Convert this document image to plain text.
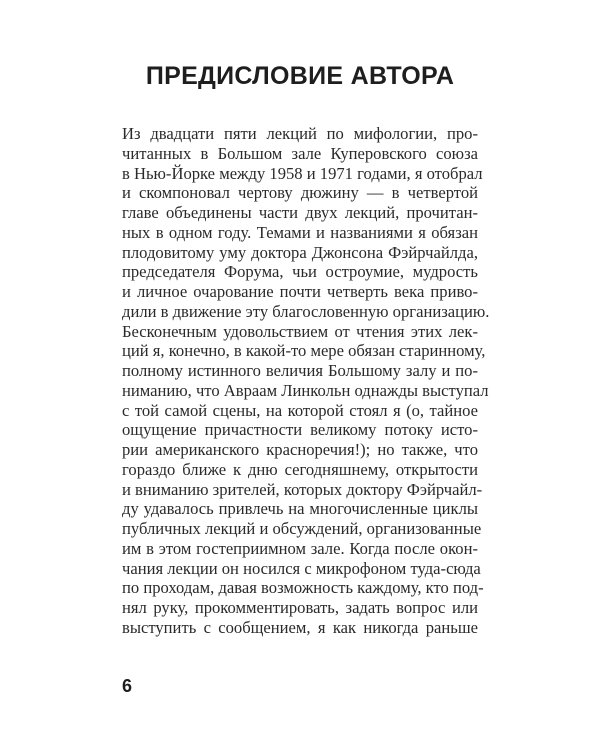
ПРЕДИСЛОВИЕ АВТОРА
Из двадцати пяти лекций по мифологии, про-
читанных в Большом зале Куперовского союза
в Нью-Йорке между 1958 и 1971 годами, я отобрал
и скомпоновал чертову дюжину — в четвертой
главе объединены части двух лекций, прочитан-
ных в одном году. Темами и названиями я обязан
плодовитому уму доктора Джонсона Фэйрчайлда,
председателя Форума, чьи остроумие, мудрость
и личное очарование почти четверть века приво-
дили в движение эту благословенную организацию.
Бесконечным удовольствием от чтения этих лек-
ций я, конечно, в какой-то мере обязан старинному,
полному истинного величия Большому залу и по-
ниманию, что Авраам Линкольн однажды выступал
с той самой сцены, на которой стоял я (о, тайное
ощущение причастности великому потоку исто-
рии американского красноречия!); но также, что
гораздо ближе к дню сегодняшнему, открытости
и вниманию зрителей, которых доктору Фэйрчайл-
ду удавалось привлечь на многочисленные циклы
публичных лекций и обсуждений, организованные
им в этом гостеприимном зале. Когда после окон-
чания лекции он носился с микрофоном туда-сюда
по проходам, давая возможность каждому, кто под-
нял руку, прокомментировать, задать вопрос или
выступить с сообщением, я как никогда раньше
6
